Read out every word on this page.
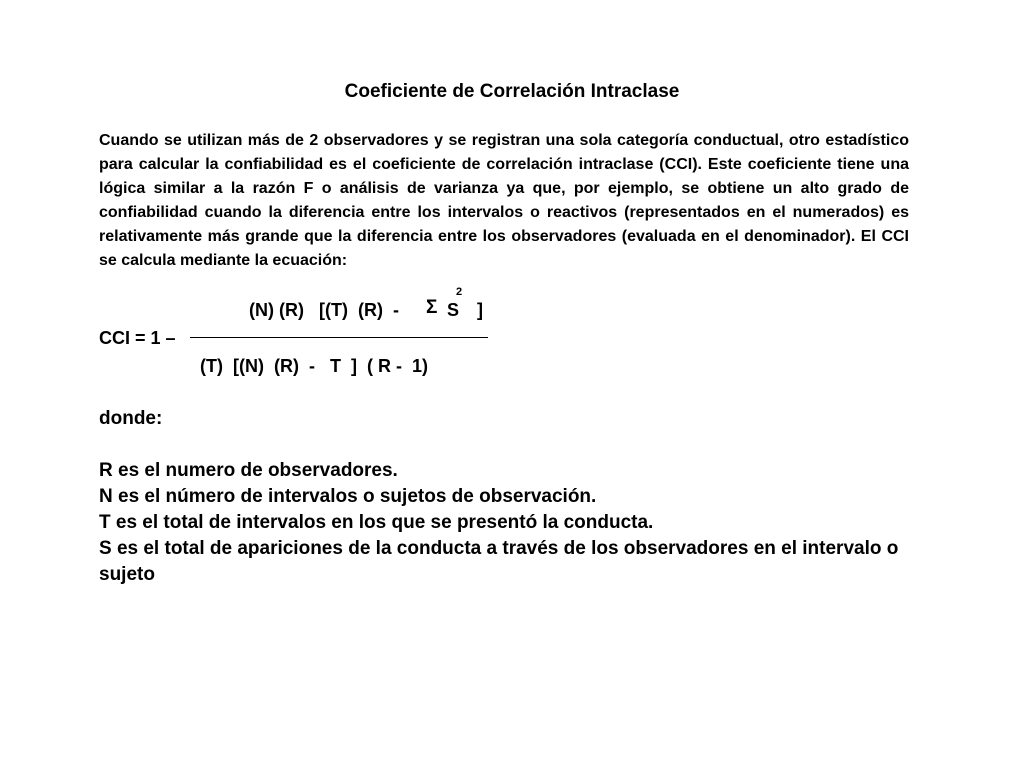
Coeficiente de Correlación Intraclase

Cuando se utilizan más de 2 observadores y se registran una sola categoría conductual, otro estadístico para calcular la confiabilidad es el coeficiente de correlación intraclase (CCI). Este coeficiente tiene una lógica similar a la razón F o análisis de varianza ya que, por ejemplo, se obtiene un alto grado de confiabilidad cuando la diferencia entre los intervalos o reactivos (representados en el numerados) es relativamente más grande que la diferencia entre los observadores (evaluada en el denominador). El CCI se calcula mediante la ecuación:

(N) (R)   [(T)  (R)  - Σ S
2
]
CCI = 1 –
(T)  [(N)  (R)  -   T  ]  ( R -  1)
donde:
R es el numero de observadores.
N es el número de intervalos o sujetos de observación.
T es el total de intervalos en los que se presentó la conducta.
S es el total de apariciones de la conducta a través de los observadores en el intervalo o sujeto
